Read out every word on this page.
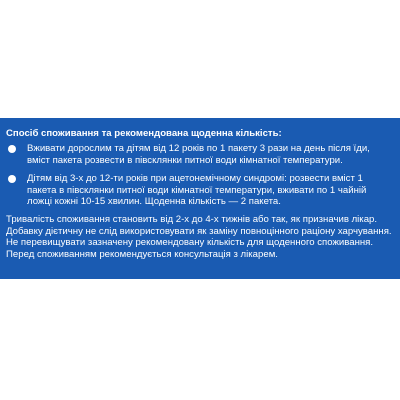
Спосіб споживання та рекомендована щоденна кількість:
Вживати дорослим та дітям від 12 років по 1 пакету 3 рази на день після їди, вміст пакета розвести в півсклянки питної води кімнатної температури.
Дітям від 3-х до 12-ти років при ацетонемічному синдромі: розвести вміст 1 пакета в півсклянки питної води кімнатної температури, вживати по 1 чайній ложці кожні 10-15 хвилин. Щоденна кількість — 2 пакета.

Тривалість споживання становить від 2-х до 4-х тижнів або так, як призначив лікар.

Добавку дієтичну не слід використовувати як заміну повноцінного раціону харчування.

Не перевищувати зазначену рекомендовану кількість для щоденного споживання.

Перед споживанням рекомендується консультація з лікарем.
